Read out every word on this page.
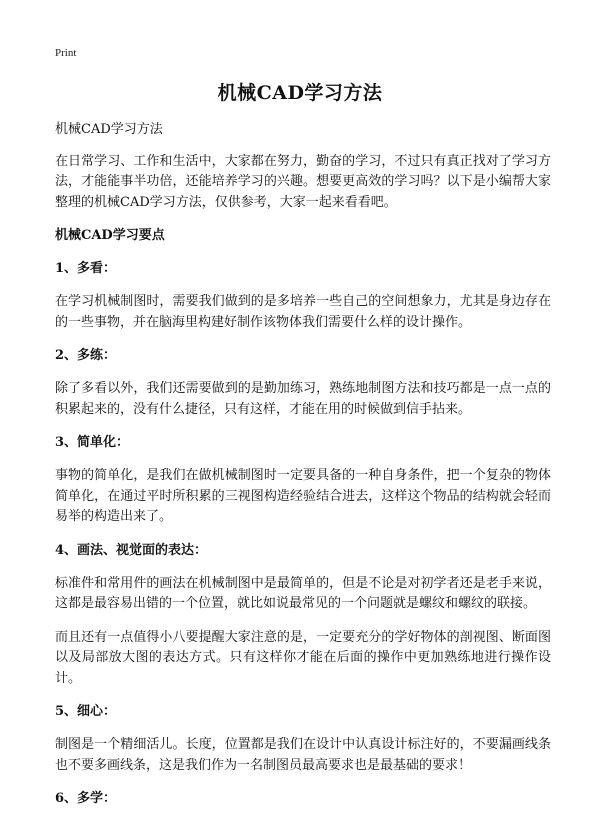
Print
机械CAD学习方法

机械CAD学习方法

在日常学习、工作和生活中，大家都在努力，勤奋的学习，不过只有真正找对了学习方法，才能能事半功倍，还能培养学习的兴趣。想要更高效的学习吗？以下是小编帮大家整理的机械CAD学习方法，仅供参考，大家一起来看看吧。

机械CAD学习要点
1、多看：

在学习机械制图时，需要我们做到的是多培养一些自己的空间想象力，尤其是身边存在的一些事物，并在脑海里构建好制作该物体我们需要什么样的设计操作。

2、多练：

除了多看以外，我们还需要做到的是勤加练习，熟练地制图方法和技巧都是一点一点的积累起来的，没有什么捷径，只有这样，才能在用的时候做到信手拈来。

3、简单化：

事物的简单化，是我们在做机械制图时一定要具备的一种自身条件，把一个复杂的物体简单化，在通过平时所积累的三视图构造经验结合进去，这样这个物品的结构就会轻而易举的构造出来了。

4、画法、视觉面的表达：

标准件和常用件的画法在机械制图中是最简单的，但是不论是对初学者还是老手来说，这都是最容易出错的一个位置，就比如说最常见的一个问题就是螺纹和螺纹的联接。

而且还有一点值得小八要提醒大家注意的是，一定要充分的学好物体的剖视图、断面图以及局部放大图的表达方式。只有这样你才能在后面的操作中更加熟练地进行操作设计。

5、细心：

制图是一个精细活儿。长度，位置都是我们在设计中认真设计标注好的，不要漏画线条也不要多画线条，这是我们作为一名制图员最高要求也是最基础的要求！

6、多学：
